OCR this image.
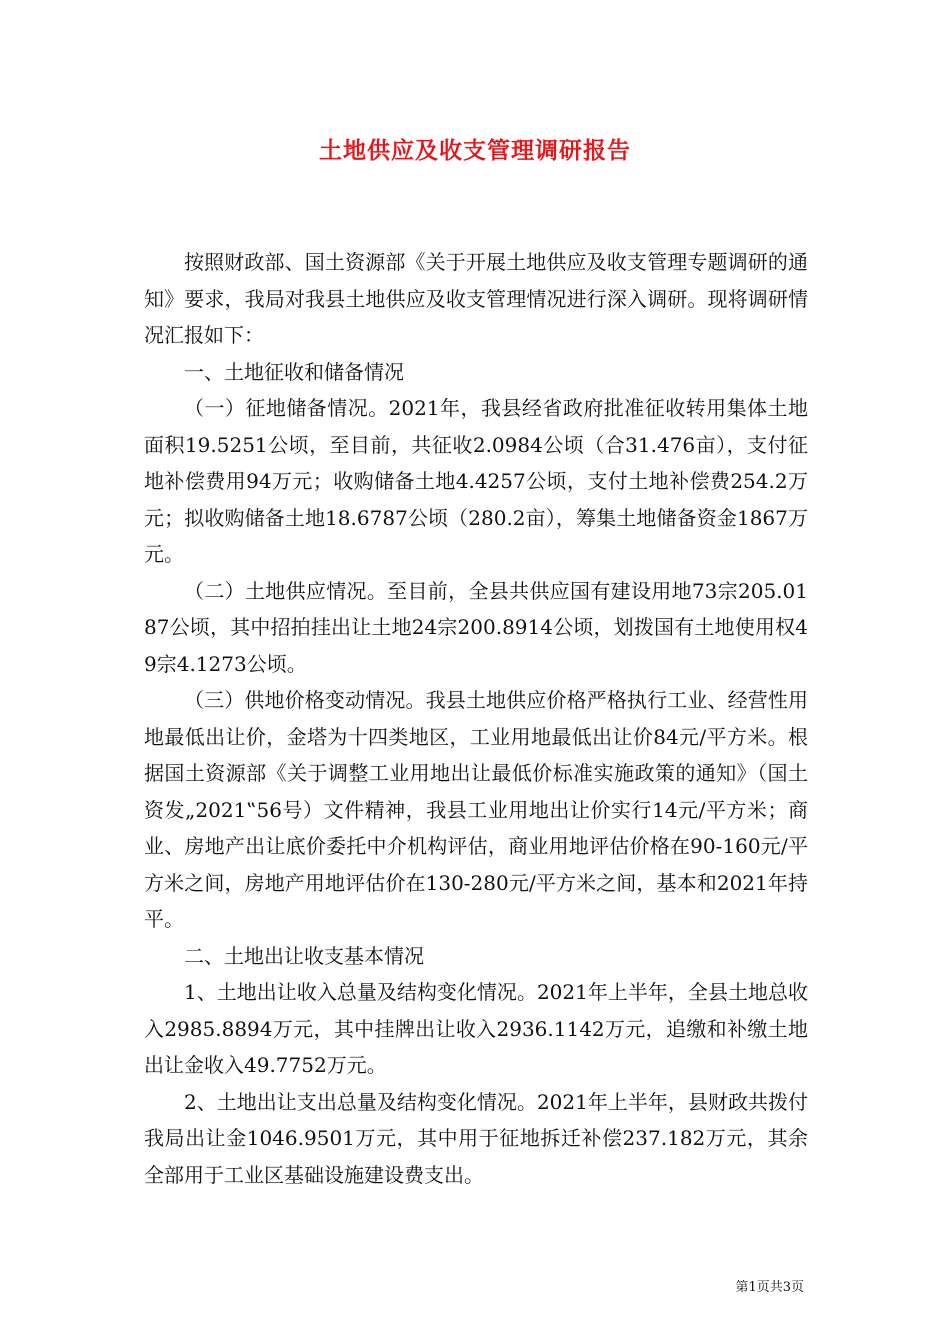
土地供应及收支管理调研报告

按照财政部、国土资源部《关于开展土地供应及收支管理专题调研的通知》要求，我局对我县土地供应及收支管理情况进行深入调研。现将调研情况汇报如下：

一、土地征收和储备情况

（一）征地储备情况。2021年，我县经省政府批准征收转用集体土地面积19.5251公顷，至目前，共征收2.0984公顷（合31.476亩），支付征地补偿费用94万元；收购储备土地4.4257公顷，支付土地补偿费254.2万元；拟收购储备土地18.6787公顷（280.2亩），筹集土地储备资金1867万元。

（二）土地供应情况。至目前，全县共供应国有建设用地73宗205.0187公顷，其中招拍挂出让土地24宗200.8914公顷，划拨国有土地使用权49宗4.1273公顷。

（三）供地价格变动情况。我县土地供应价格严格执行工业、经营性用地最低出让价，金塔为十四类地区，工业用地最低出让价84元/平方米。根据国土资源部《关于调整工业用地出让最低价标准实施政策的通知》（国土资发„2021‟56号）文件精神，我县工业用地出让价实行14元/平方米；商业、房地产出让底价委托中介机构评估，商业用地评估价格在90-160元/平方米之间，房地产用地评估价在130-280元/平方米之间，基本和2021年持平。

二、土地出让收支基本情况

1、土地出让收入总量及结构变化情况。2021年上半年，全县土地总收入2985.8894万元，其中挂牌出让收入2936.1142万元，追缴和补缴土地出让金收入49.7752万元。

2、土地出让支出总量及结构变化情况。2021年上半年，县财政共拨付我局出让金1046.9501万元，其中用于征地拆迁补偿237.182万元，其余全部用于工业区基础设施建设费支出。

第1页共3页
